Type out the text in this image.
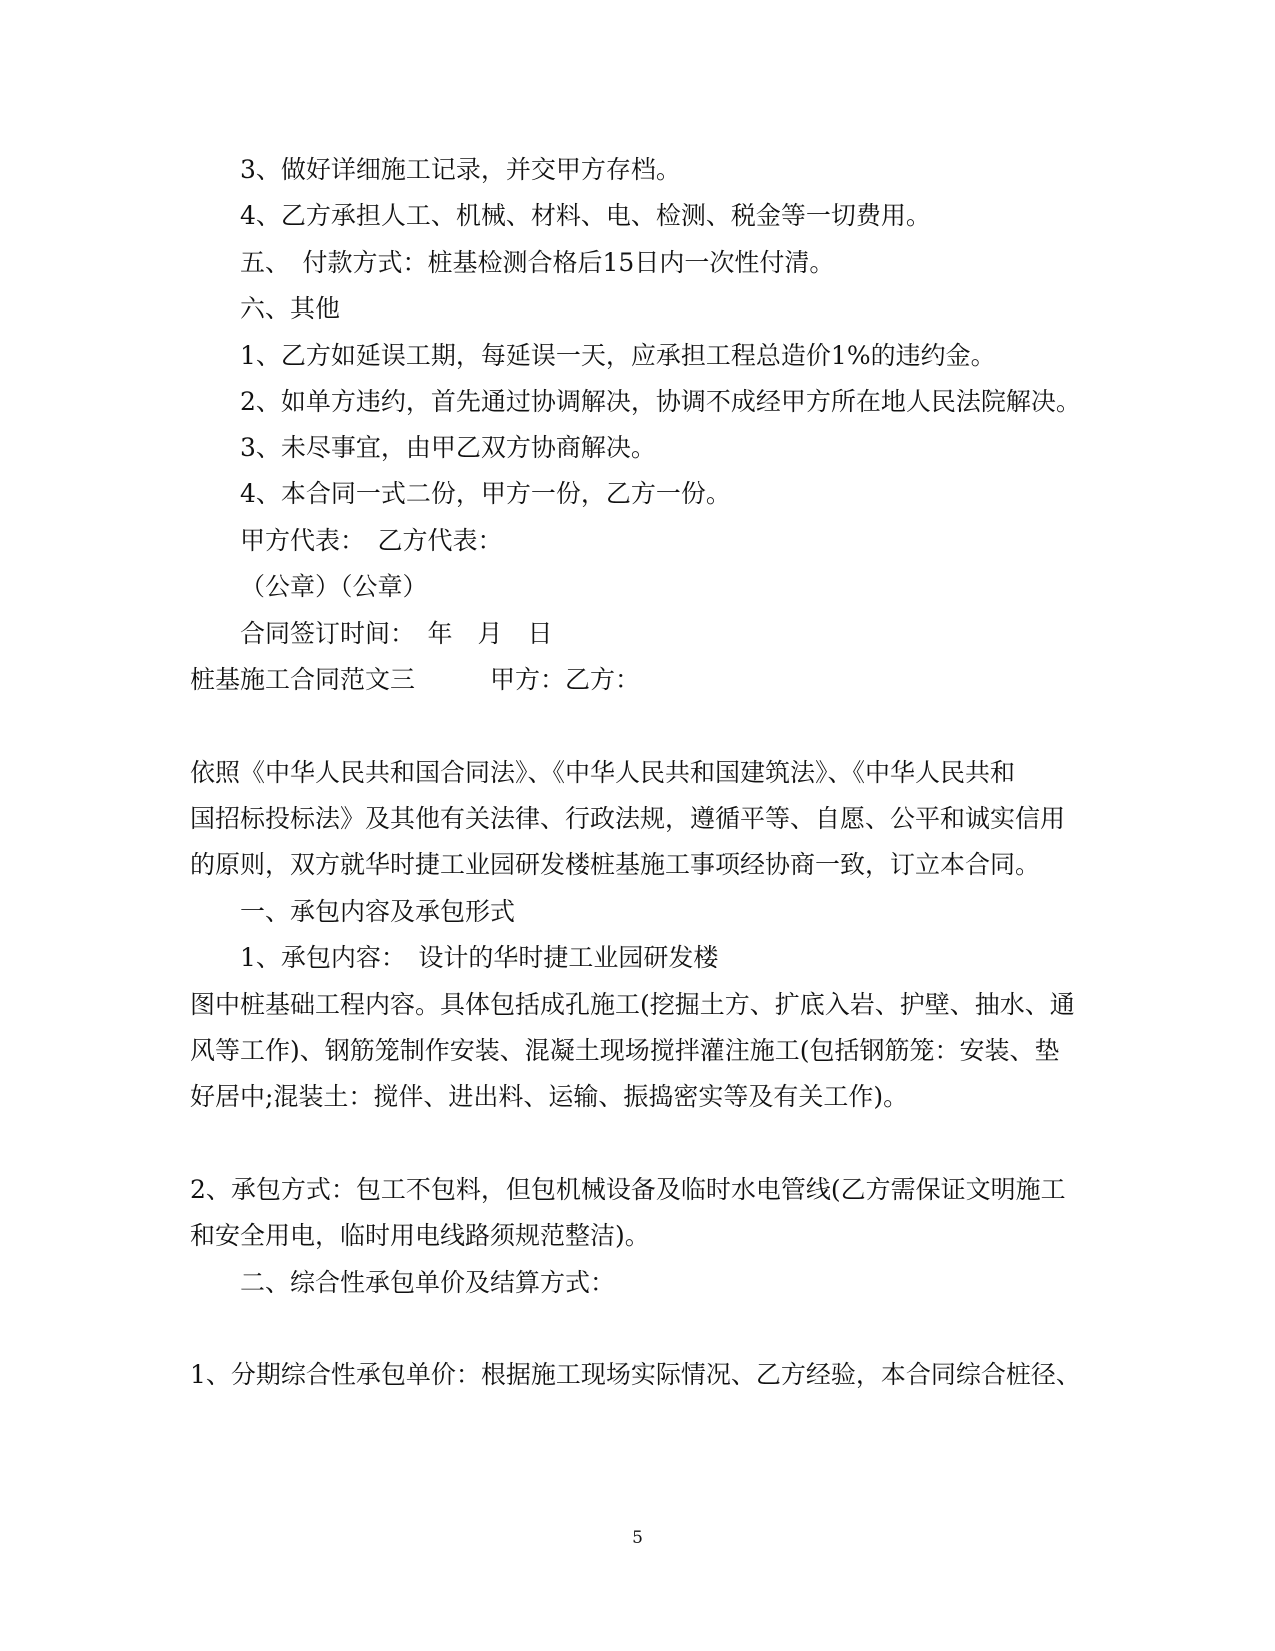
3、做好详细施工记录，并交甲方存档。
4、乙方承担人工、机械、材料、电、检测、税金等一切费用。
五、　付款方式：桩基检测合格后15日内一次性付清。
六、其他
1、乙方如延误工期，每延误一天，应承担工程总造价1%的违约金。
2、如单方违约，首先通过协调解决，协调不成经甲方所在地人民法院解决。
3、未尽事宜，由甲乙双方协商解决。
4、本合同一式二份，甲方一份，乙方一份。
甲方代表：　乙方代表：
（公章）（公章）
合同签订时间：　年　月　日
桩基施工合同范文三　　　甲方：乙方：
依照《中华人民共和国合同法》、《中华人民共和国建筑法》、《中华人民共和
国招标投标法》及其他有关法律、行政法规，遵循平等、自愿、公平和诚实信用
的原则，双方就华时捷工业园研发楼桩基施工事项经协商一致，订立本合同。
一、承包内容及承包形式
1、承包内容：　设计的华时捷工业园研发楼
图中桩基础工程内容。具体包括成孔施工(挖掘土方、扩底入岩、护壁、抽水、通
风等工作)、钢筋笼制作安装、混凝土现场搅拌灌注施工(包括钢筋笼：安装、垫
好居中;混装土：搅伴、进出料、运输、振捣密实等及有关工作)。
2、承包方式：包工不包料，但包机械设备及临时水电管线(乙方需保证文明施工
和安全用电，临时用电线路须规范整洁)。
二、综合性承包单价及结算方式：
1、分期综合性承包单价：根据施工现场实际情况、乙方经验，本合同综合桩径、
5
